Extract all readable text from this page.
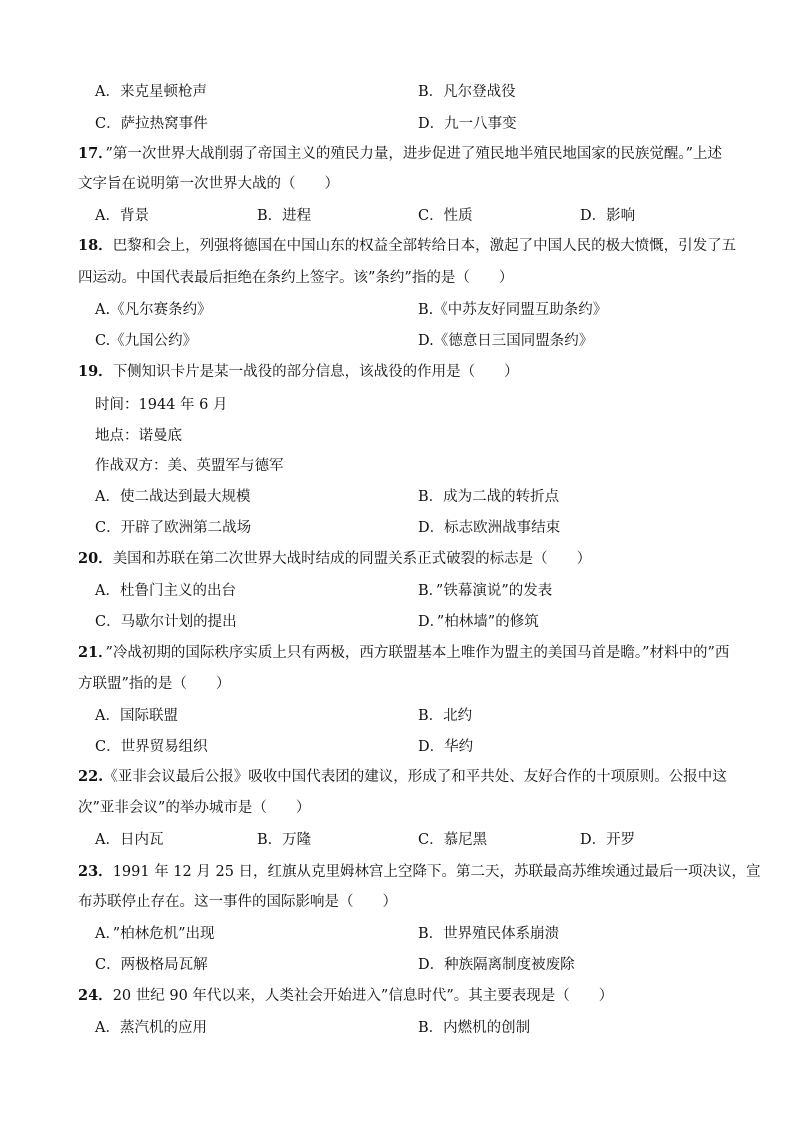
A．来克星顿枪声	B．凡尔登战役
C．萨拉热窝事件	D．九一八事变
17．”第一次世界大战削弱了帝国主义的殖民力量，进步促进了殖民地半殖民地国家的民族觉醒。”上述
文字旨在说明第一次世界大战的（　　）
A．背景	B．进程	C．性质	D．影响
18．巴黎和会上，列强将德国在中国山东的权益全部转给日本，激起了中国人民的极大愤慨，引发了五
四运动。中国代表最后拒绝在条约上签字。该”条约”指的是（　　）
A.《凡尔赛条约》	B.《中苏友好同盟互助条约》
C.《九国公约》	D.《德意日三国同盟条约》
19．下侧知识卡片是某一战役的部分信息，该战役的作用是（　　）
时间：1944 年 6 月
地点：诺曼底
作战双方：美、英盟军与德军
A．使二战达到最大规模	B．成为二战的转折点
C．开辟了欧洲第二战场	D．标志欧洲战事结束
20．美国和苏联在第二次世界大战时结成的同盟关系正式破裂的标志是（　　）
A．杜鲁门主义的出台	B．”铁幕演说”的发表
C．马歇尔计划的提出	D．”柏林墙”的修筑
21．”冷战初期的国际秩序实质上只有两极，西方联盟基本上唯作为盟主的美国马首是瞻。”材料中的”西
方联盟”指的是（　　）
A．国际联盟	B．北约
C．世界贸易组织	D．华约
22.《亚非会议最后公报》吸收中国代表团的建议，形成了和平共处、友好合作的十项原则。公报中这
次”亚非会议”的举办城市是（　　）
A．日内瓦	B．万隆	C．慕尼黑	D．开罗
23．1991 年 12 月 25 日，红旗从克里姆林宫上空降下。第二天，苏联最高苏维埃通过最后一项决议，宣
布苏联停止存在。这一事件的国际影响是（　　）
A．”柏林危机”出现	B．世界殖民体系崩溃
C．两极格局瓦解	D．种族隔离制度被废除
24．20 世纪 90 年代以来，人类社会开始进入”信息时代”。其主要表现是（　　）
A．蒸汽机的应用	B．内燃机的创制
